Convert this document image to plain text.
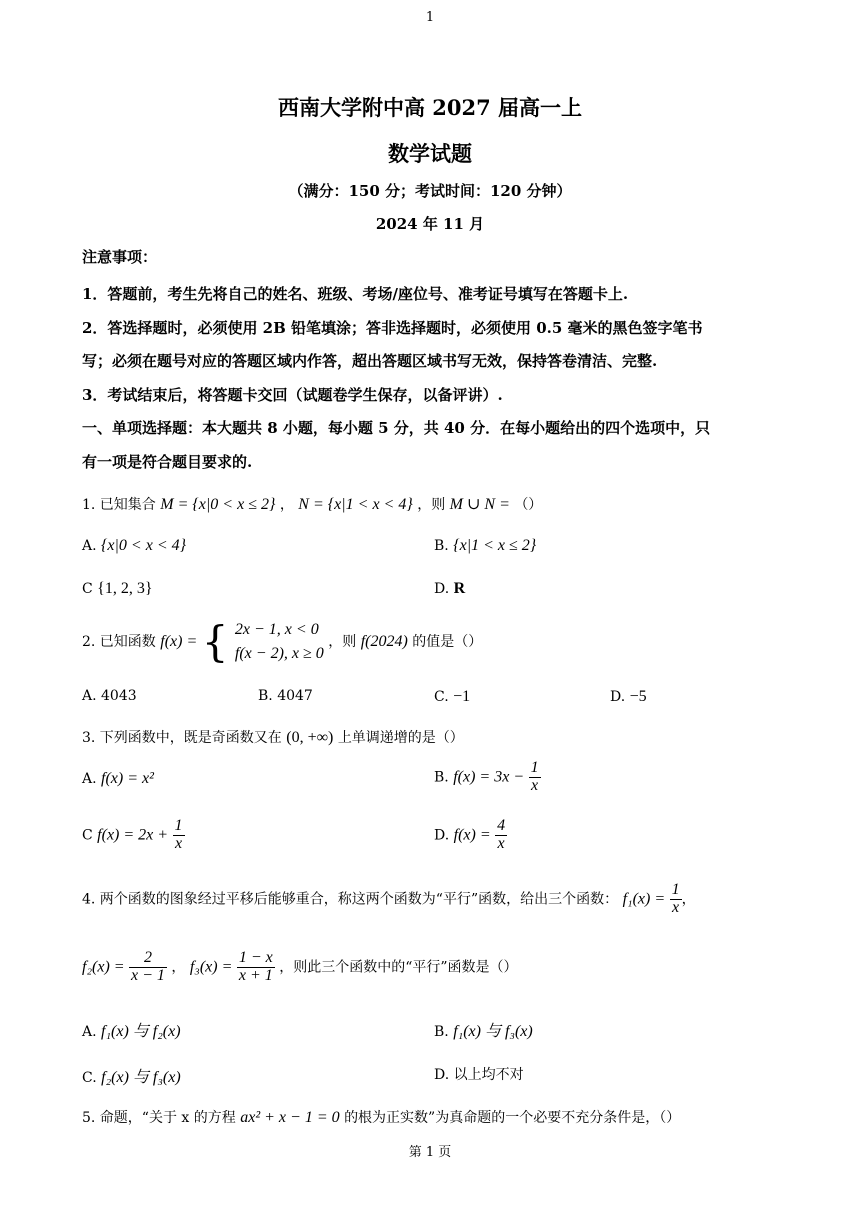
1
西南大学附中高 2027 届高一上
数学试题
（满分：150 分；考试时间：120 分钟）
2024 年 11 月
注意事项：
1．答题前，考生先将自己的姓名、班级、考场/座位号、准考证号填写在答题卡上.
2．答选择题时，必须使用 2B 铅笔填涂；答非选择题时，必须使用 0.5 毫米的黑色签字笔书
写；必须在题号对应的答题区域内作答，超出答题区域书写无效，保持答卷清洁、完整.
3．考试结束后，将答题卡交回（试题卷学生保存，以备评讲）.
一、单项选择题：本大题共 8 小题，每小题 5 分，共 40 分．在每小题给出的四个选项中，只
有一项是符合题目要求的.
1. 已知集合 M = {x|0 < x ≤ 2} ， N = {x|1 < x < 4} ，则 M ∪ N = （）
A. {x|0 < x < 4}	B. {x|1 < x ≤ 2}
C {1, 2, 3}	D. R
2. 已知函数 f(x) = { 2x − 1, x < 0
f(x − 2), x ≥ 0
，则 f(2024) 的值是（）
A. 4043	B. 4047	C. −1	D. −5
3. 下列函数中，既是奇函数又在 (0, +∞) 上单调递增的是（）
A. f(x) = x²	B. $f(x) = 3x - \frac{1}{x}$
C $f(x) = 2x + \frac{1}{x}$	D. $f(x) = \frac{4}{x}$
4. 两个函数的图象经过平移后能够重合，称这两个函数为“平行”函数，给出三个函数： $f_1(x) = \frac{1}{x}$ ，
$f_2(x) = \frac{2}{x - 1}$ ， $f_3(x) = \frac{1 - x}{x + 1}$ ，则此三个函数中的“平行”函数是（）
A. f₁(x) 与 f₂(x)	B. f₁(x) 与 f₃(x)
C. f₂(x) 与 f₃(x)	D. 以上均不对
5. 命题，“关于 x 的方程 ax² + x − 1 = 0 的根为正实数”为真命题的一个必要不充分条件是，（）
第 1 页
